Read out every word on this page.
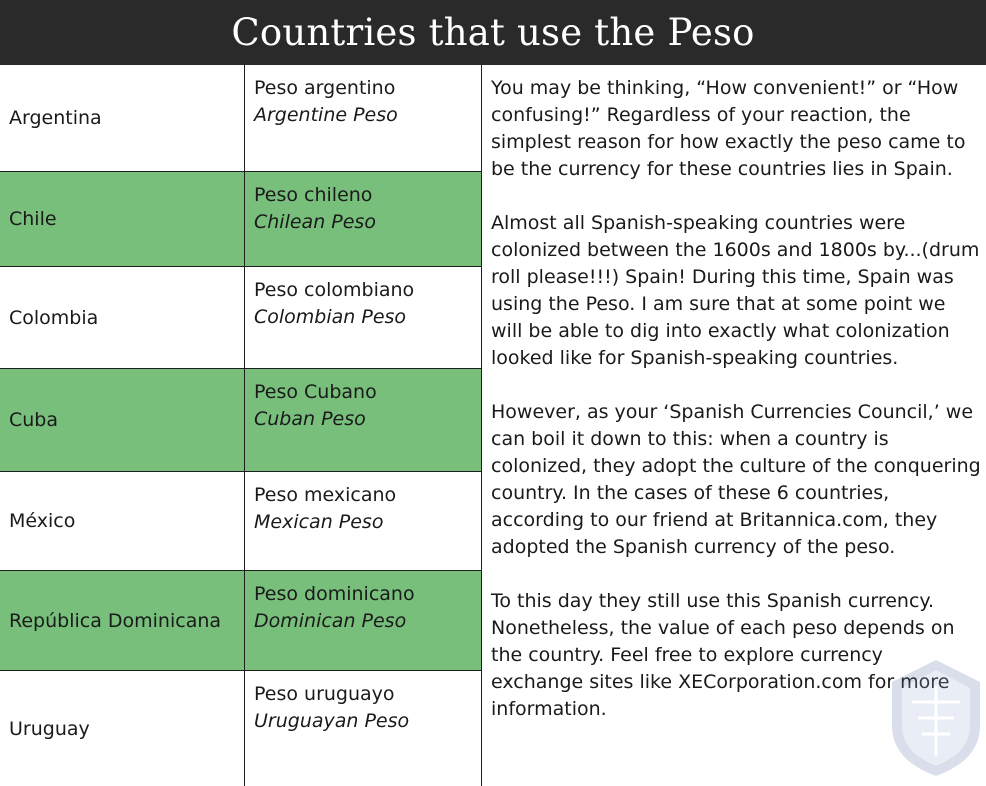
Countries that use the Peso
Argentina
Peso argentino
Argentine Peso
Chile
Peso chileno
Chilean Peso
Colombia
Peso colombiano
Colombian Peso
Cuba
Peso Cubano
Cuban Peso
México
Peso mexicano
Mexican Peso
República Dominicana
Peso dominicano
Dominican Peso
Uruguay
Peso uruguayo
Uruguayan Peso

You may be thinking, “How convenient!” or “How confusing!” Regardless of your reaction, the simplest reason for how exactly the peso came to be the currency for these countries lies in Spain.

Almost all Spanish-speaking countries were colonized between the 1600s and 1800s by...(drum roll please!!!) Spain! During this time, Spain was using the Peso. I am sure that at some point we will be able to dig into exactly what colonization looked like for Spanish-speaking countries.

However, as your ‘Spanish Currencies Council,’ we can boil it down to this: when a country is colonized, they adopt the culture of the conquering country. In the cases of these 6 countries, according to our friend at Britannica.com, they adopted the Spanish currency of the peso.

To this day they still use this Spanish currency. Nonetheless, the value of each peso depends on the country. Feel free to explore currency exchange sites like XECorporation.com for more information.
